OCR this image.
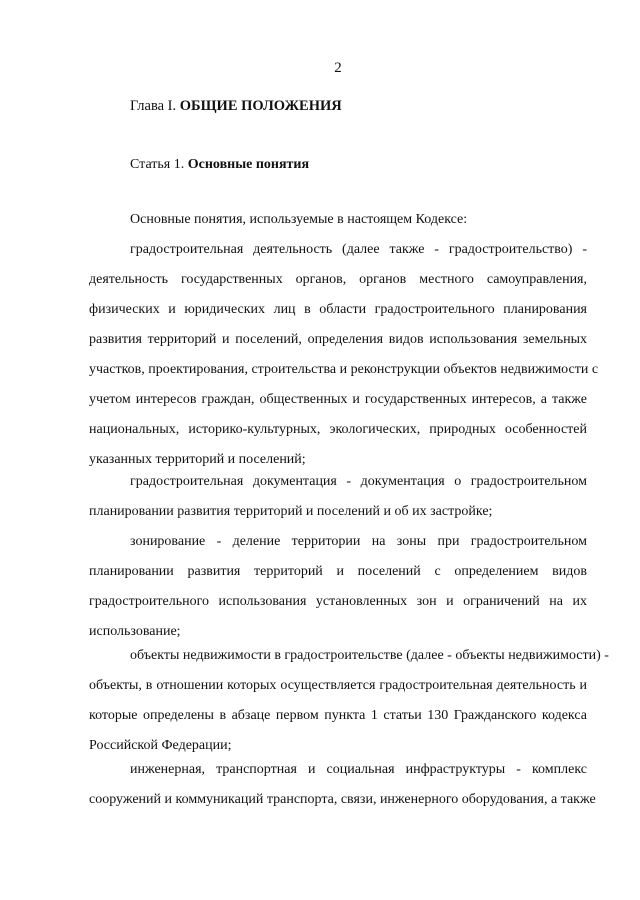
2
Глава I. ОБЩИЕ ПОЛОЖЕНИЯ
Статья 1. Основные понятия
Основные понятия, используемые в настоящем Кодексе:
градостроительная деятельность (далее также - градостроительство) -
деятельность государственных органов, органов местного самоуправления,
физических и юридических лиц в области градостроительного планирования
развития территорий и поселений, определения видов использования земельных
участков, проектирования, строительства и реконструкции объектов недвижимости с
учетом интересов граждан, общественных и государственных интересов, а также
национальных, историко-культурных, экологических, природных особенностей
указанных территорий и поселений;
градостроительная документация - документация о градостроительном
планировании развития территорий и поселений и об их застройке;
зонирование - деление территории на зоны при градостроительном
планировании развития территорий и поселений с определением видов
градостроительного использования установленных зон и ограничений на их
использование;
объекты недвижимости в градостроительстве (далее - объекты недвижимости) -
объекты, в отношении которых осуществляется градостроительная деятельность и
которые определены в абзаце первом пункта 1 статьи 130 Гражданского кодекса
Российской Федерации;
инженерная, транспортная и социальная инфраструктуры - комплекс
сооружений и коммуникаций транспорта, связи, инженерного оборудования, а также
